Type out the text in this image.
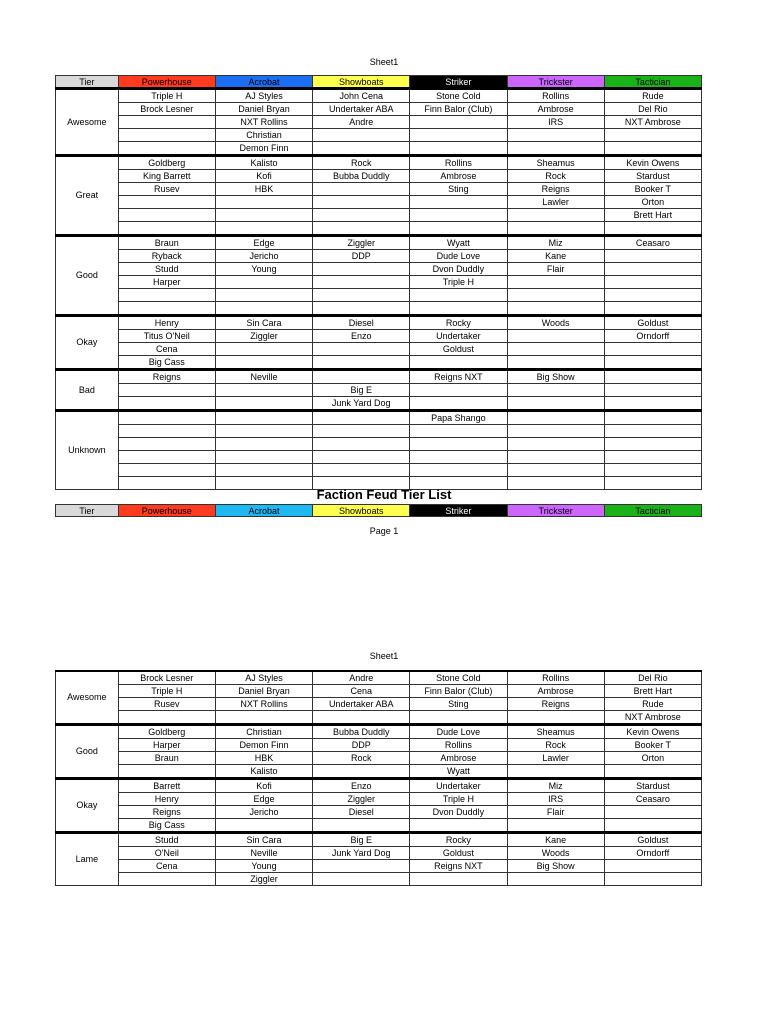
Sheet1
Tier	Powerhouse	Acrobat	Showboats	Striker	Trickster	Tactician
Awesome	Triple H	AJ Styles	John Cena	Stone Cold	Rollins	Rude
	Brock Lesner	Daniel Bryan	Undertaker ABA	Finn Balor (Club)	Ambrose	Del Rio
		NXT Rollins	Andre		IRS	NXT Ambrose
		Christian				
		Demon Finn				
Great	Goldberg	Kalisto	Rock	Rollins	Sheamus	Kevin Owens
	King Barrett	Kofi	Bubba Duddly	Ambrose	Rock	Stardust
	Rusev	HBK		Sting	Reigns	Booker T
					Lawler	Orton
						Brett Hart

Good	Braun	Edge	Ziggler	Wyatt	Miz	Ceasaro
	Ryback	Jericho	DDP	Dude Love	Kane	
	Studd	Young		Dvon Duddly	Flair	
	Harper			Triple H		

Okay	Henry	Sin Cara	Diesel	Rocky	Woods	Goldust
	Titus O'Neil	Ziggler	Enzo	Undertaker		Orndorff
	Cena			Goldust		
	Big Cass					
Bad	Reigns	Neville		Reigns NXT	Big Show	
			Big E			
			Junk Yard Dog			
Unknown				Papa Shango		

Faction Feud Tier List
Tier	Powerhouse	Acrobat	Showboats	Striker	Trickster	Tactician
Page 1
Sheet1
Awesome	Brock Lesner	AJ Styles	Andre	Stone Cold	Rollins	Del Rio
	Triple H	Daniel Bryan	Cena	Finn Balor (Club)	Ambrose	Brett Hart
	Rusev	NXT Rollins	Undertaker ABA	Sting	Reigns	Rude
						NXT Ambrose
Good	Goldberg	Christian	Bubba Duddly	Dude Love	Sheamus	Kevin Owens
	Harper	Demon Finn	DDP	Rollins	Rock	Booker T
	Braun	HBK	Rock	Ambrose	Lawler	Orton
		Kalisto		Wyatt		
Okay	Barrett	Kofi	Enzo	Undertaker	Miz	Stardust
	Henry	Edge	Ziggler	Triple H	IRS	Ceasaro
	Reigns	Jericho	Diesel	Dvon Duddly	Flair	
	Big Cass					
Lame	Studd	Sin Cara	Big E	Rocky	Kane	Goldust
	O'Neil	Neville	Junk Yard Dog	Goldust	Woods	Orndorff
	Cena	Young		Reigns NXT	Big Show	
		Ziggler				
